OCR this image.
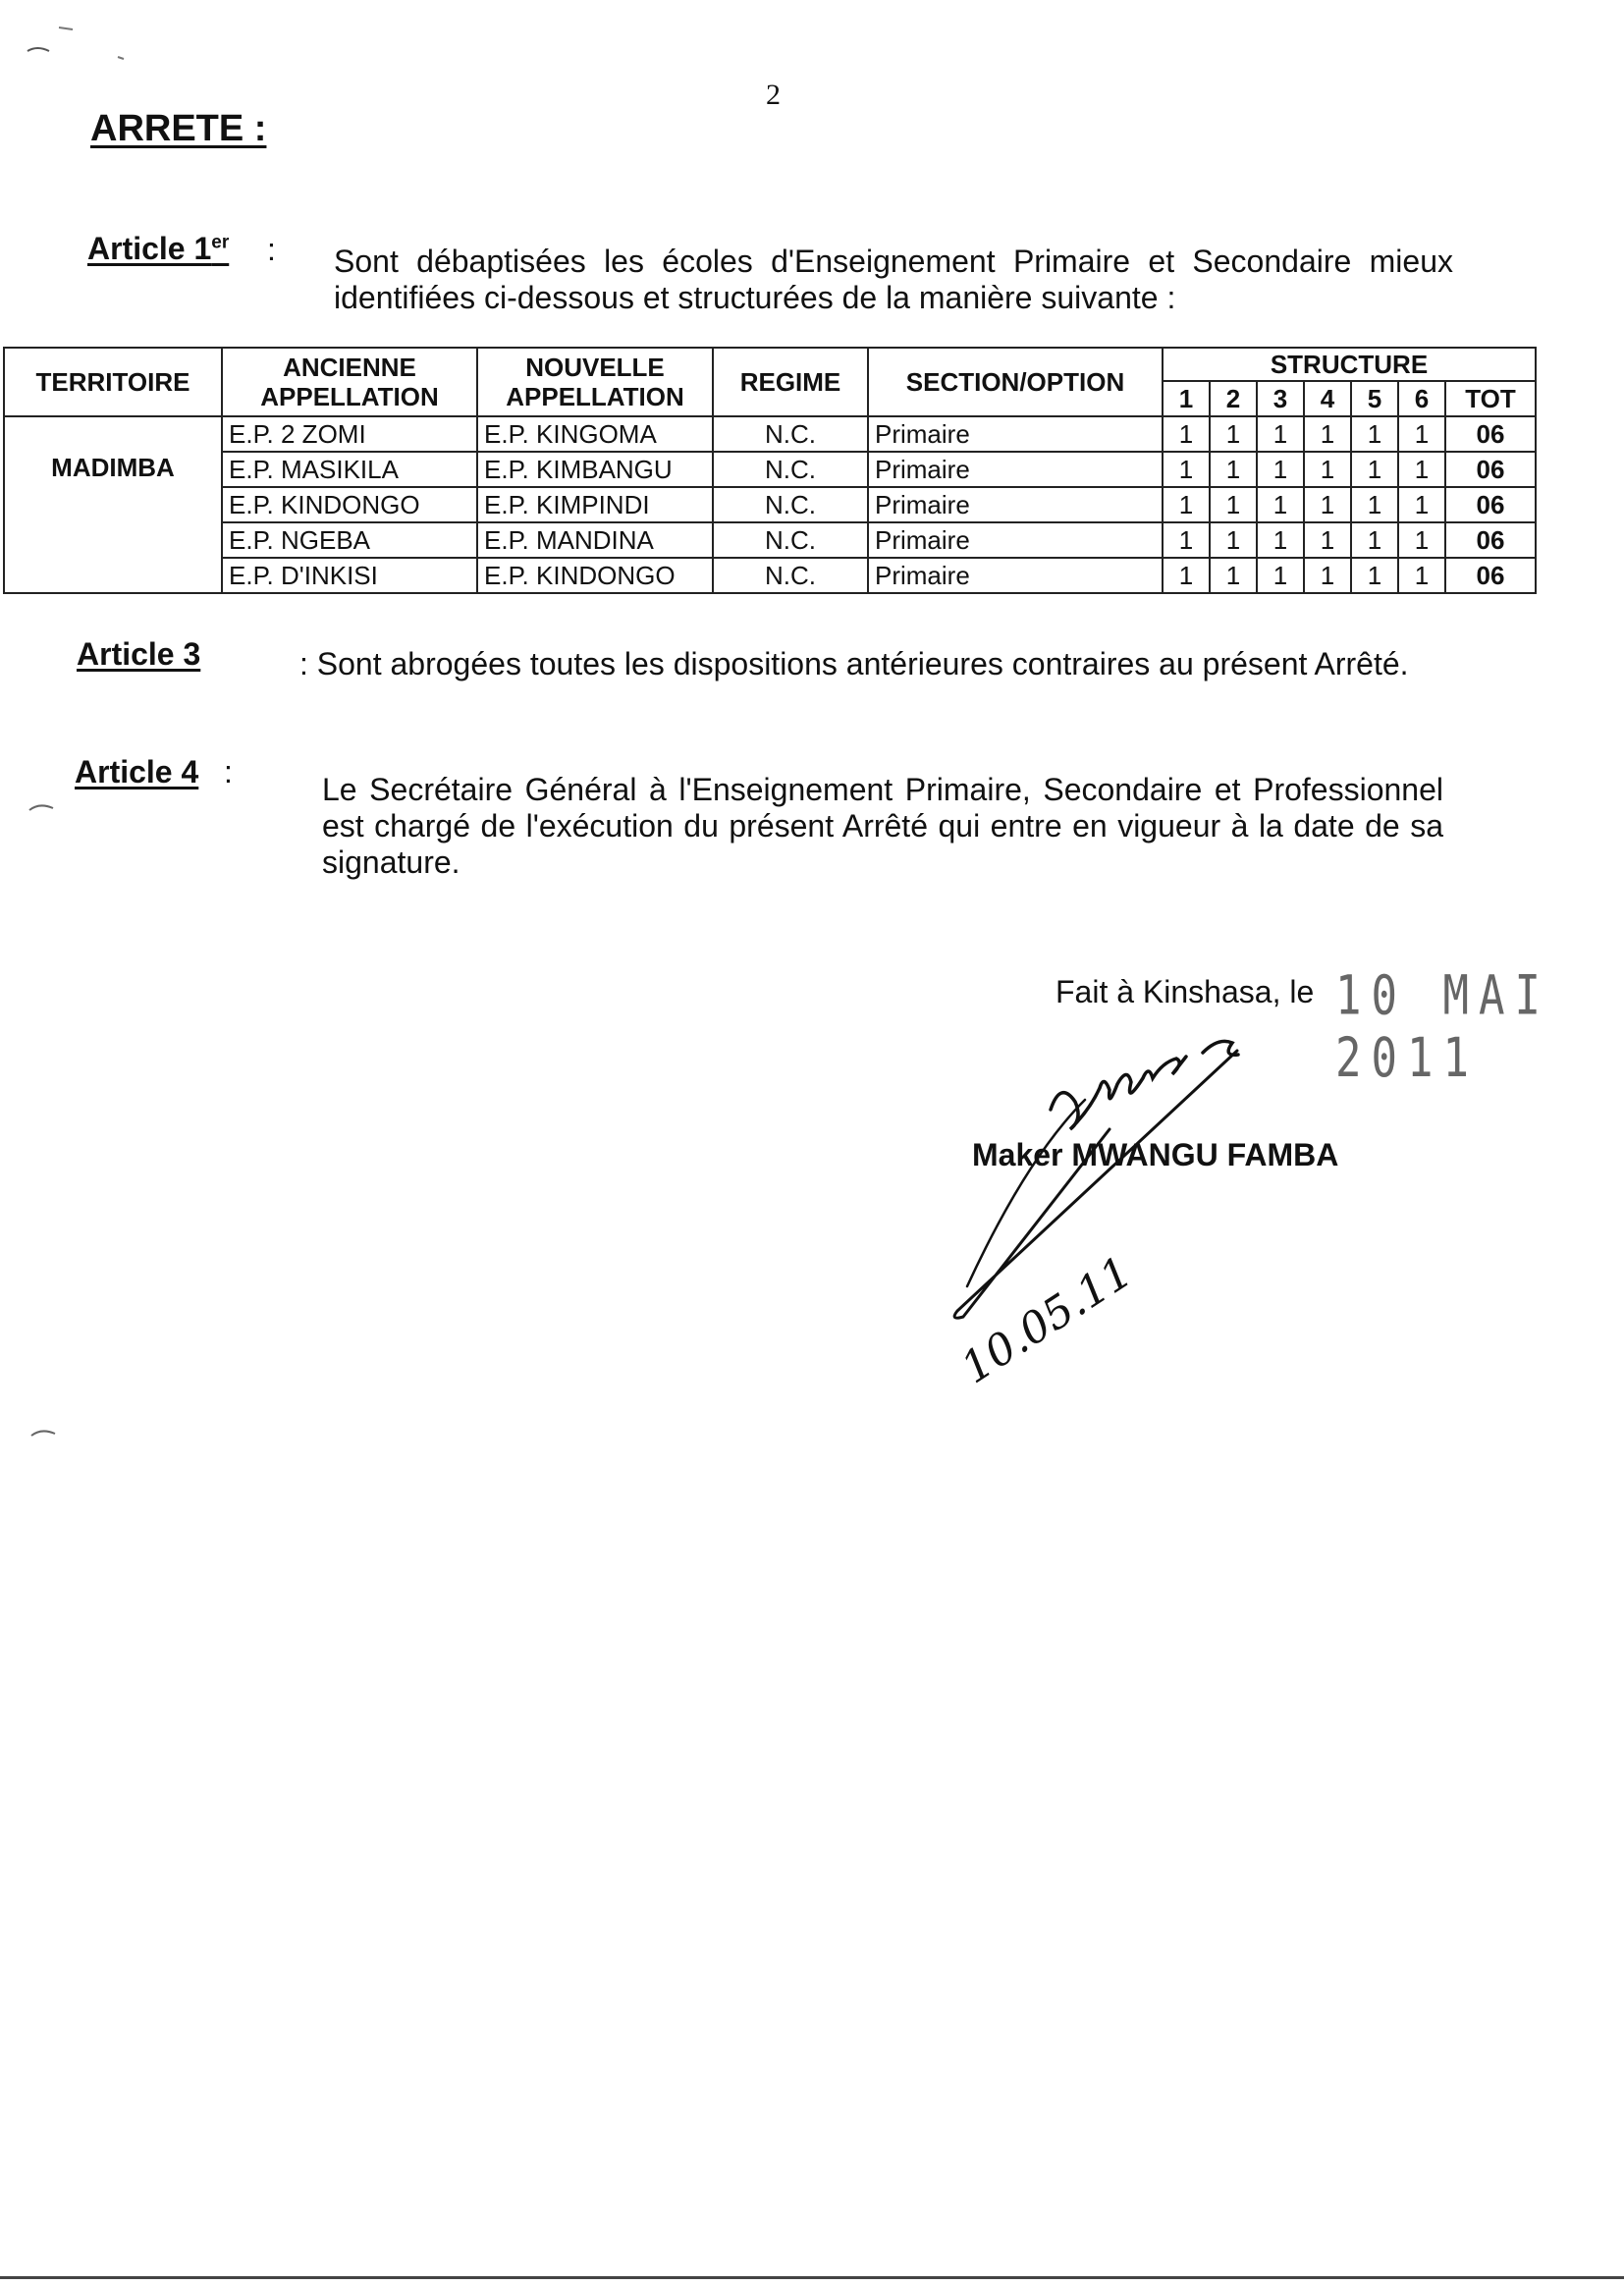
2
ARRETE :
Article 1er : Sont débaptisées les écoles d'Enseignement Primaire et Secondaire mieux identifiées ci-dessous et structurées de la manière suivante :
TERRITOIRE	ANCIENNE APPELLATION	NOUVELLE APPELLATION	REGIME	SECTION/OPTION	STRUCTURE						
					1	2	3	4	5	6	TOT
MADIMBA	E.P. 2 ZOMI	E.P. KINGOMA	N.C.	Primaire	1	1	1	1	1	1	06
	E.P. MASIKILA	E.P. KIMBANGU	N.C.	Primaire	1	1	1	1	1	1	06
	E.P. KINDONGO	E.P. KIMPINDI	N.C.	Primaire	1	1	1	1	1	1	06
	E.P. NGEBA	E.P. MANDINA	N.C.	Primaire	1	1	1	1	1	1	06
	E.P. D'INKISI	E.P. KINDONGO	N.C.	Primaire	1	1	1	1	1	1	06
Article 3	: Sont abrogées toutes les dispositions antérieures contraires au présent Arrêté.
Article 4 :	Le Secrétaire Général à l'Enseignement Primaire, Secondaire et Professionnel est chargé de l'exécution du présent Arrêté qui entre en vigueur à la date de sa signature.
Fait à Kinshasa, le 10 MAI 2011
Maker MWANGU FAMBA
10.05.11
